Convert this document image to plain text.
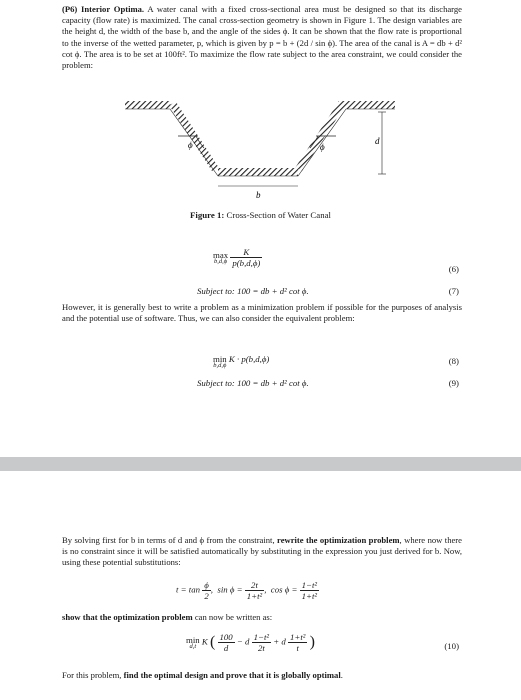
(P6) Interior Optima. A water canal with a fixed cross-sectional area must be designed so that its discharge capacity (flow rate) is maximized. The canal cross-section geometry is shown in Figure 1. The design variables are the height d, the width of the base b, and the angle of the sides ϕ. It can be shown that the flow rate is proportional to the inverse of the wetted parameter, p, which is given by p = b + (2d / sin ϕ). The area of the canal is A = db + d² cot ϕ. The area is to be set at 100ft². To maximize the flow rate subject to the area constraint, we could consider the problem:
ϕ	ϕ
d
b
Figure 1: Cross-Section of Water Canal
max
b,d,ϕ
$\frac{K}{p(b,d,\phi)}$
(6)
Subject to: 100 = db + d² cot ϕ.	(7)
However, it is generally best to write a problem as a minimization problem if possible for the purposes of analysis and the potential use of software. Thus, we can also consider the equivalent problem:
min
b,d,ϕ
K · p(b,d,ϕ)	(8)
Subject to: 100 = db + d² cot ϕ.	(9)
By solving first for b in terms of d and ϕ from the constraint, rewrite the optimization problem, where now there is no constraint since it will be satisfied automatically by substituting in the expression you just derived for b. Now, using these potential substitutions:
$t = \tan \frac{\phi}{2}$ ,  $\sin \phi = \frac{2t}{\text{1+t²}}$ ,  $\cos \phi = \frac{\text{1−t²}}{\text{1+t²}}$
show that the optimization problem can now be written as:
min
d,t K ( $\frac{100}{d} - d \frac{\text{1−t²}}{2t} + d \frac{\text{1+t²}}{t}$ )	(10)
For this problem, find the optimal design and prove that it is globally optimal.
